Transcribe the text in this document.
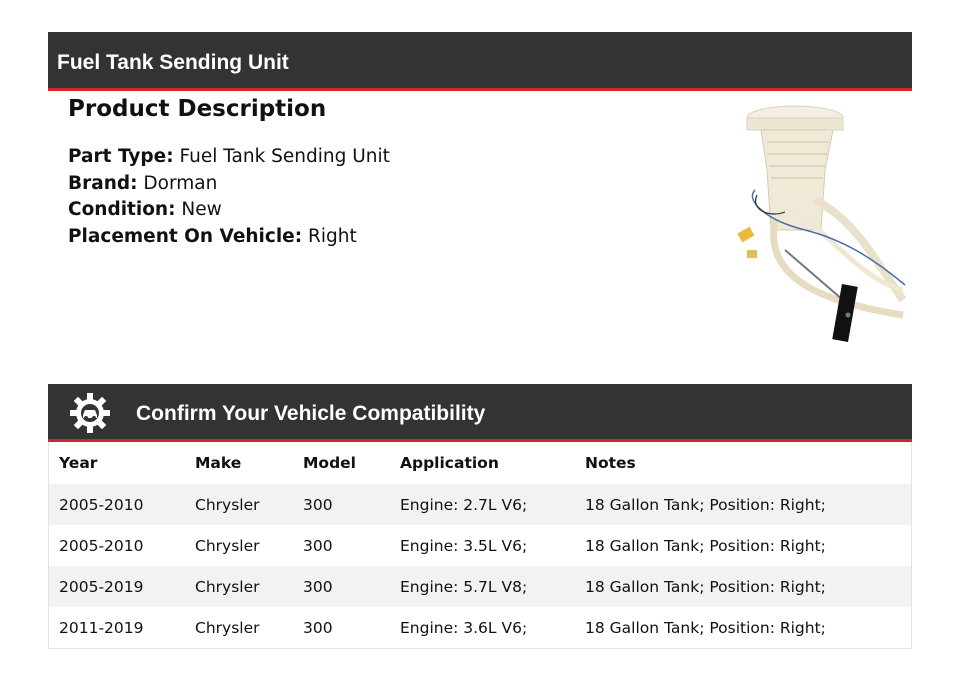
Fuel Tank Sending Unit
Product Description
Part Type: Fuel Tank Sending Unit
Brand: Dorman
Condition: New
Placement On Vehicle: Right
Confirm Your Vehicle Compatibility
Year	Make	Model	Application	Notes
2005-2010	Chrysler	300	Engine: 2.7L V6;	18 Gallon Tank; Position: Right;
2005-2010	Chrysler	300	Engine: 3.5L V6;	18 Gallon Tank; Position: Right;
2005-2019	Chrysler	300	Engine: 5.7L V8;	18 Gallon Tank; Position: Right;
2011-2019	Chrysler	300	Engine: 3.6L V6;	18 Gallon Tank; Position: Right;
